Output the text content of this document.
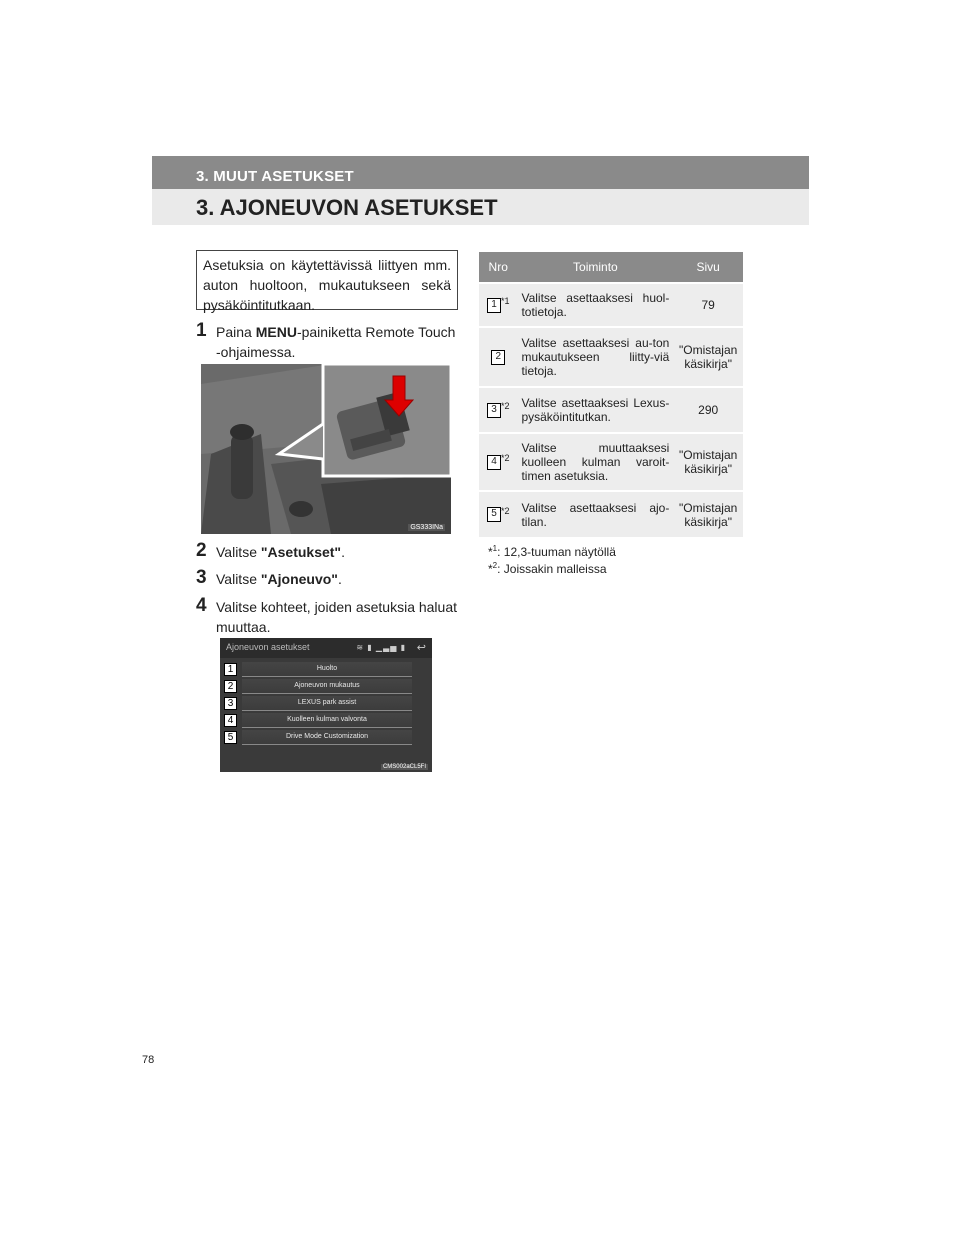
3. MUUT ASETUKSET
3. AJONEUVON ASETUKSET
Asetuksia on käytettävissä liittyen mm. auton huoltoon, mukautukseen sekä pysäköintitutkaan.
1 Paina MENU-painiketta Remote Touch -ohjaimessa.
GS333INa
2 Valitse "Asetukset".
3 Valitse "Ajoneuvo".
4 Valitse kohteet, joiden asetuksia haluat muuttaa.
Ajoneuvon asetukset	≋ ▮ ▁▃▅ ▮ ↩
Huolto
1
Ajoneuvon mukautus
2
LEXUS park assist
3
Kuolleen kulman valvonta
4
Drive Mode Customization
5
CMS002aCL5FI
Nro	Toiminto	Sivu
1 $^{*1}$	Valitse asettaaksesi huol-totietoja.	79
2	Valitse asettaaksesi au-ton mukautukseen liitty-viä tietoja.	"Omistajan käsikirja"
3 $^{*2}$	Valitse asettaaksesi Lexus-pysäköintitutkan.	290
4 $^{*2}$	Valitse muuttaaksesi kuolleen kulman varoit-timen asetuksia.	"Omistajan käsikirja"
5 $^{*2}$	Valitse asettaaksesi ajo-tilan.	"Omistajan käsikirja"
*$^1$: 12,3-tuuman näytöllä
*$^2$: Joissakin malleissa
78
